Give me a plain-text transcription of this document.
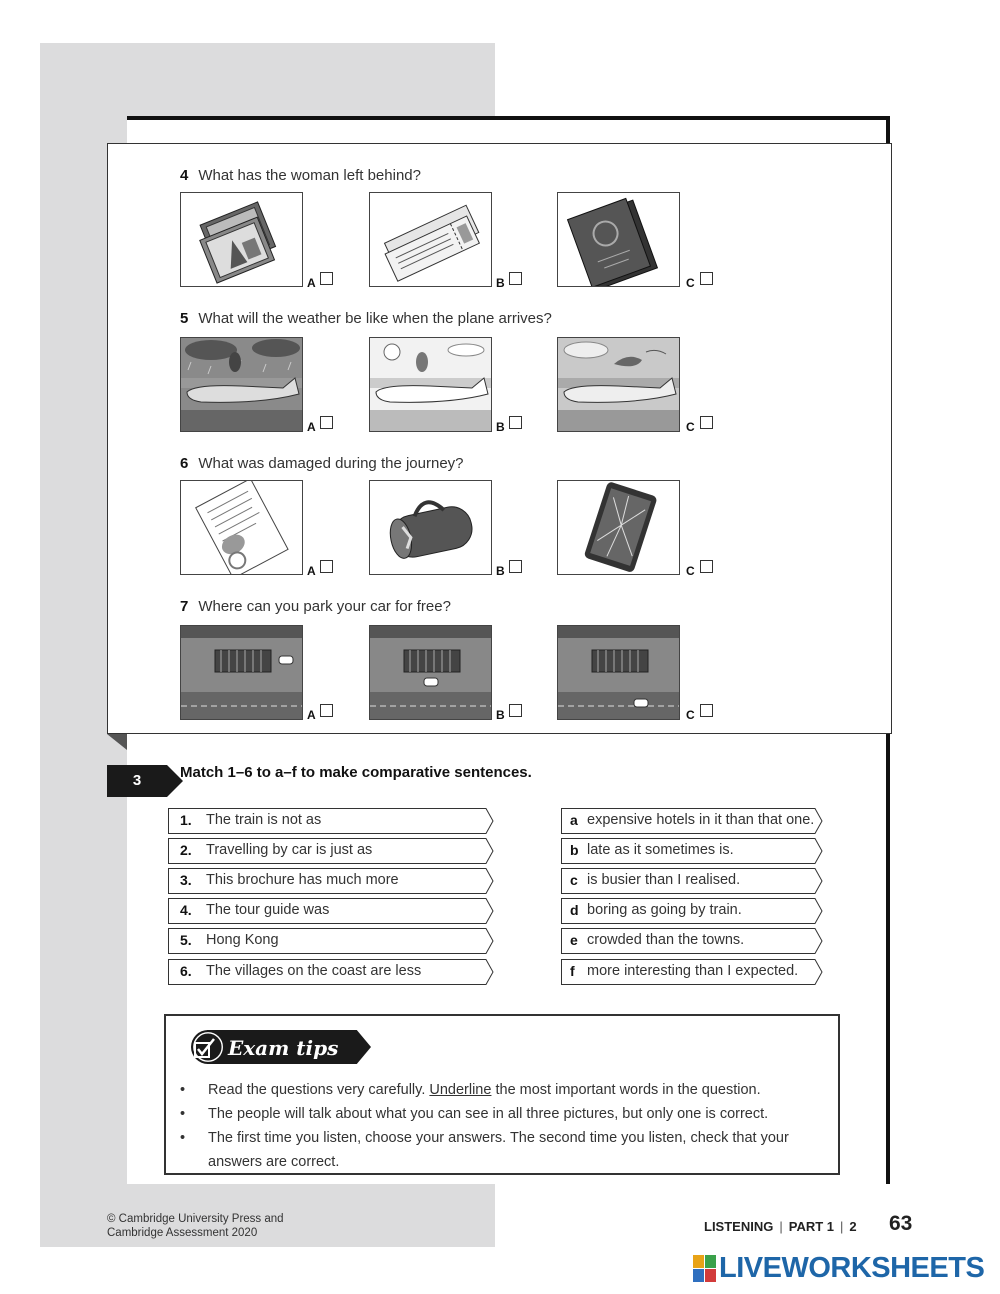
4 What has the woman left behind?
A	B	C
5 What will the weather be like when the plane arrives?
A	B	C
6 What was damaged during the journey?
A	B	C
7 Where can you park your car for free?
A	B	C
3	Match 1–6 to a–f to make comparative sentences.
1. The train is not as
2. Travelling by car is just as
3. This brochure has much more
4. The tour guide was
5. Hong Kong
6. The villages on the coast are less
a expensive hotels in it than that one.
b late as it sometimes is.
c is busier than I realised.
d boring as going by train.
e crowded than the towns.
f more interesting than I expected.
Exam tips
• Read the questions very carefully. Underline the most important words in the question.
• The people will talk about what you can see in all three pictures, but only one is correct.
• The first time you listen, choose your answers. The second time you listen, check that your
answers are correct.
© Cambridge University Press and
Cambridge Assessment 2020	LISTENING | PART 1 | 2 63
LIVEWORKSHEETS
